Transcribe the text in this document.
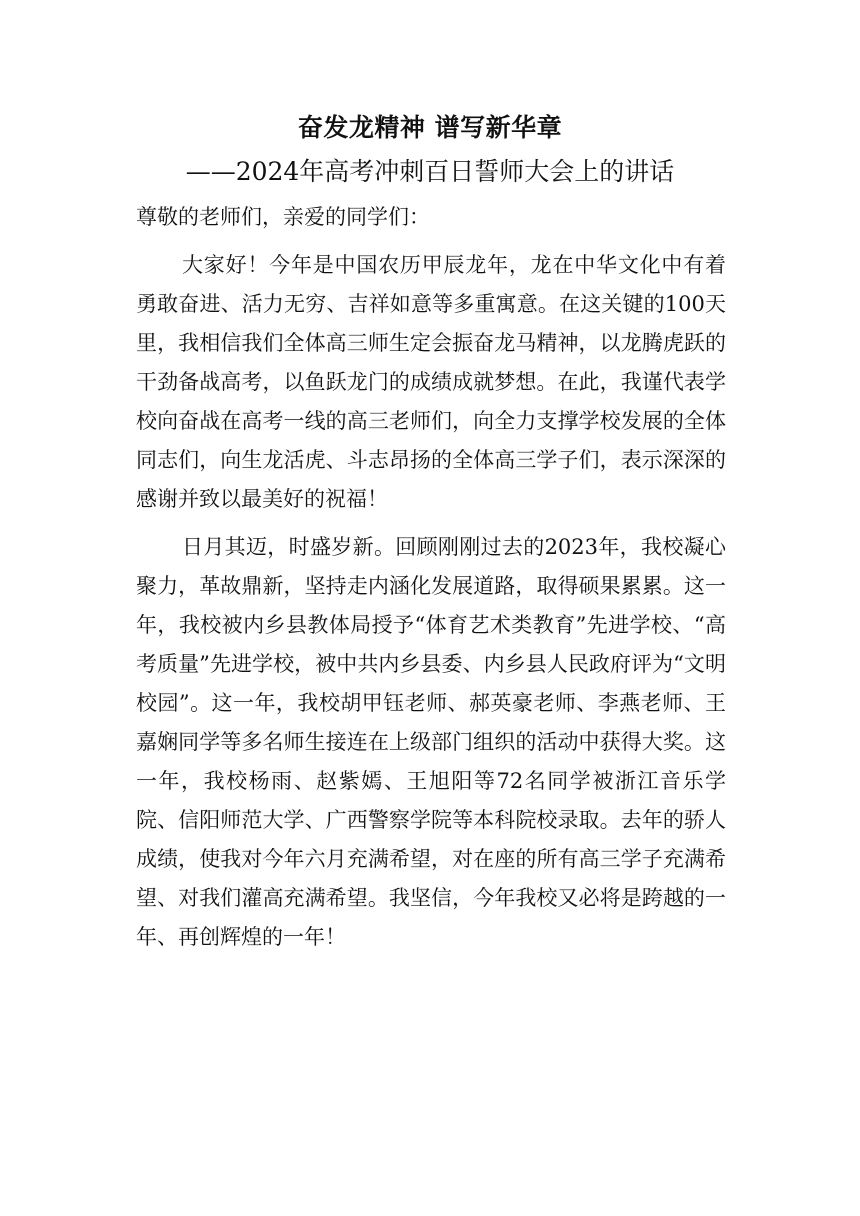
奋发龙精神 谱写新华章
——2024年高考冲刺百日誓师大会上的讲话

尊敬的老师们，亲爱的同学们：

大家好！今年是中国农历甲辰龙年，龙在中华文化中有着勇敢奋进、活力无穷、吉祥如意等多重寓意。在这关键的100天里，我相信我们全体高三师生定会振奋龙马精神，以龙腾虎跃的干劲备战高考，以鱼跃龙门的成绩成就梦想。在此，我谨代表学校向奋战在高考一线的高三老师们，向全力支撑学校发展的全体同志们，向生龙活虎、斗志昂扬的全体高三学子们，表示深深的感谢并致以最美好的祝福！

日月其迈，时盛岁新。回顾刚刚过去的2023年，我校凝心聚力，革故鼎新，坚持走内涵化发展道路，取得硕果累累。这一年，我校被内乡县教体局授予“体育艺术类教育”先进学校、“高考质量”先进学校，被中共内乡县委、内乡县人民政府评为“文明校园”。这一年，我校胡甲钰老师、郝英豪老师、李燕老师、王嘉娴同学等多名师生接连在上级部门组织的活动中获得大奖。这一年，我校杨雨、赵紫嫣、王旭阳等72名同学被浙江音乐学院、信阳师范大学、广西警察学院等本科院校录取。去年的骄人成绩，使我对今年六月充满希望，对在座的所有高三学子充满希望、对我们灌高充满希望。我坚信，今年我校又必将是跨越的一年、再创辉煌的一年！
